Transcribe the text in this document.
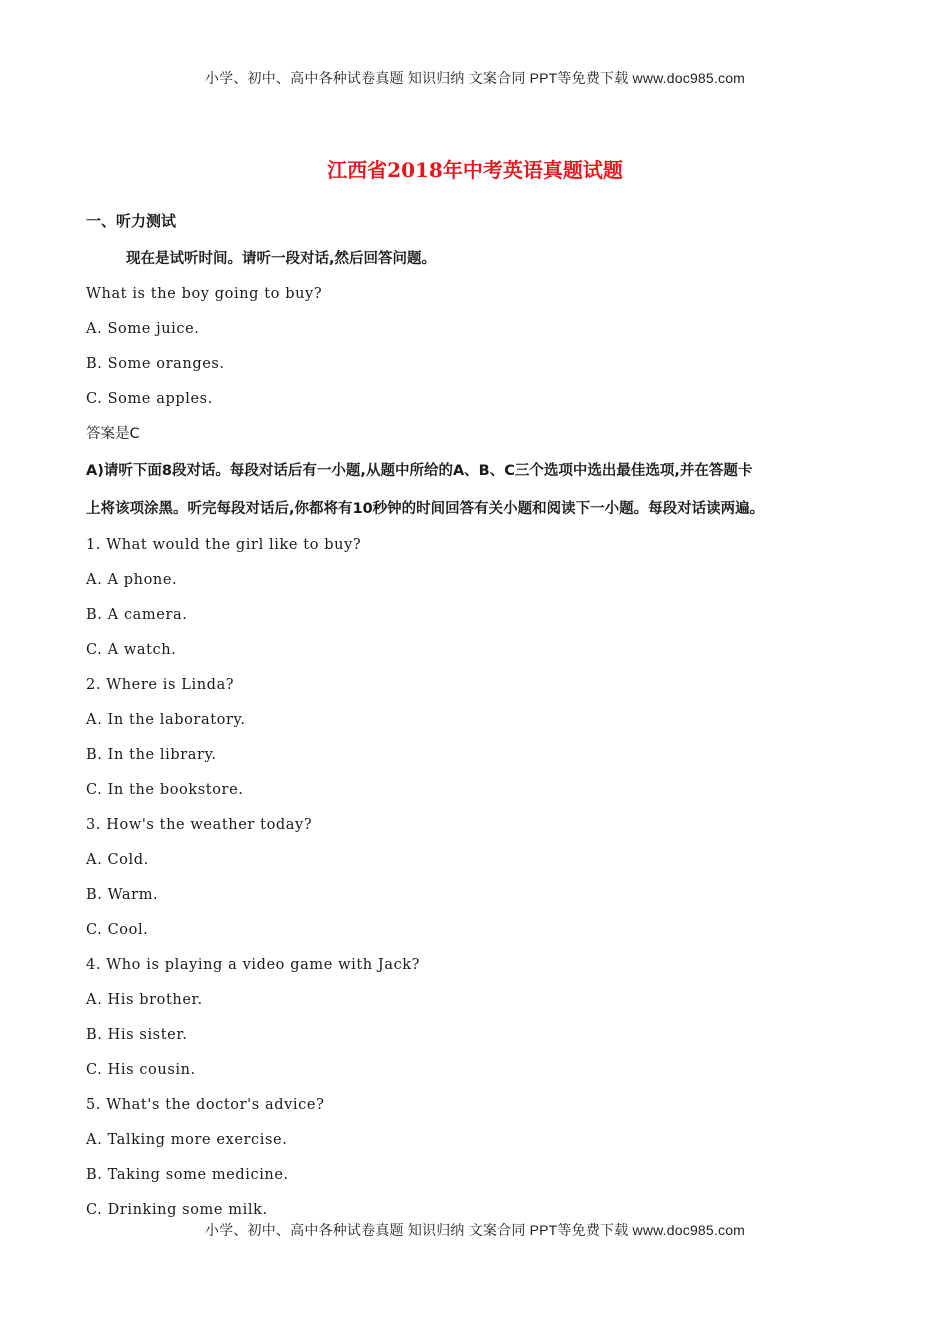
小学、初中、高中各种试卷真题 知识归纳 文案合同 PPT等免费下载 www.doc985.com
江西省2018年中考英语真题试题
一、听力测试
现在是试听时间。请听一段对话,然后回答问题。
What is the boy going to buy?
A. Some juice.
B. Some oranges.
C. Some apples.
答案是C
A)请听下面8段对话。每段对话后有一小题,从题中所给的A、B、C三个选项中选出最佳选项,并在答题卡
上将该项涂黑。听完每段对话后,你都将有10秒钟的时间回答有关小题和阅读下一小题。每段对话读两遍。
1. What would the girl like to buy?
A. A phone.
B. A camera.
C. A watch.
2. Where is Linda?
A. In the laboratory.
B. In the library.
C. In the bookstore.
3. How's the weather today?
A. Cold.
B. Warm.
C. Cool.
4. Who is playing a video game with Jack?
A. His brother.
B. His sister.
C. His cousin.
5. What's the doctor's advice?
A. Talking more exercise.
B. Taking some medicine.
C. Drinking some milk.
小学、初中、高中各种试卷真题 知识归纳 文案合同 PPT等免费下载 www.doc985.com
